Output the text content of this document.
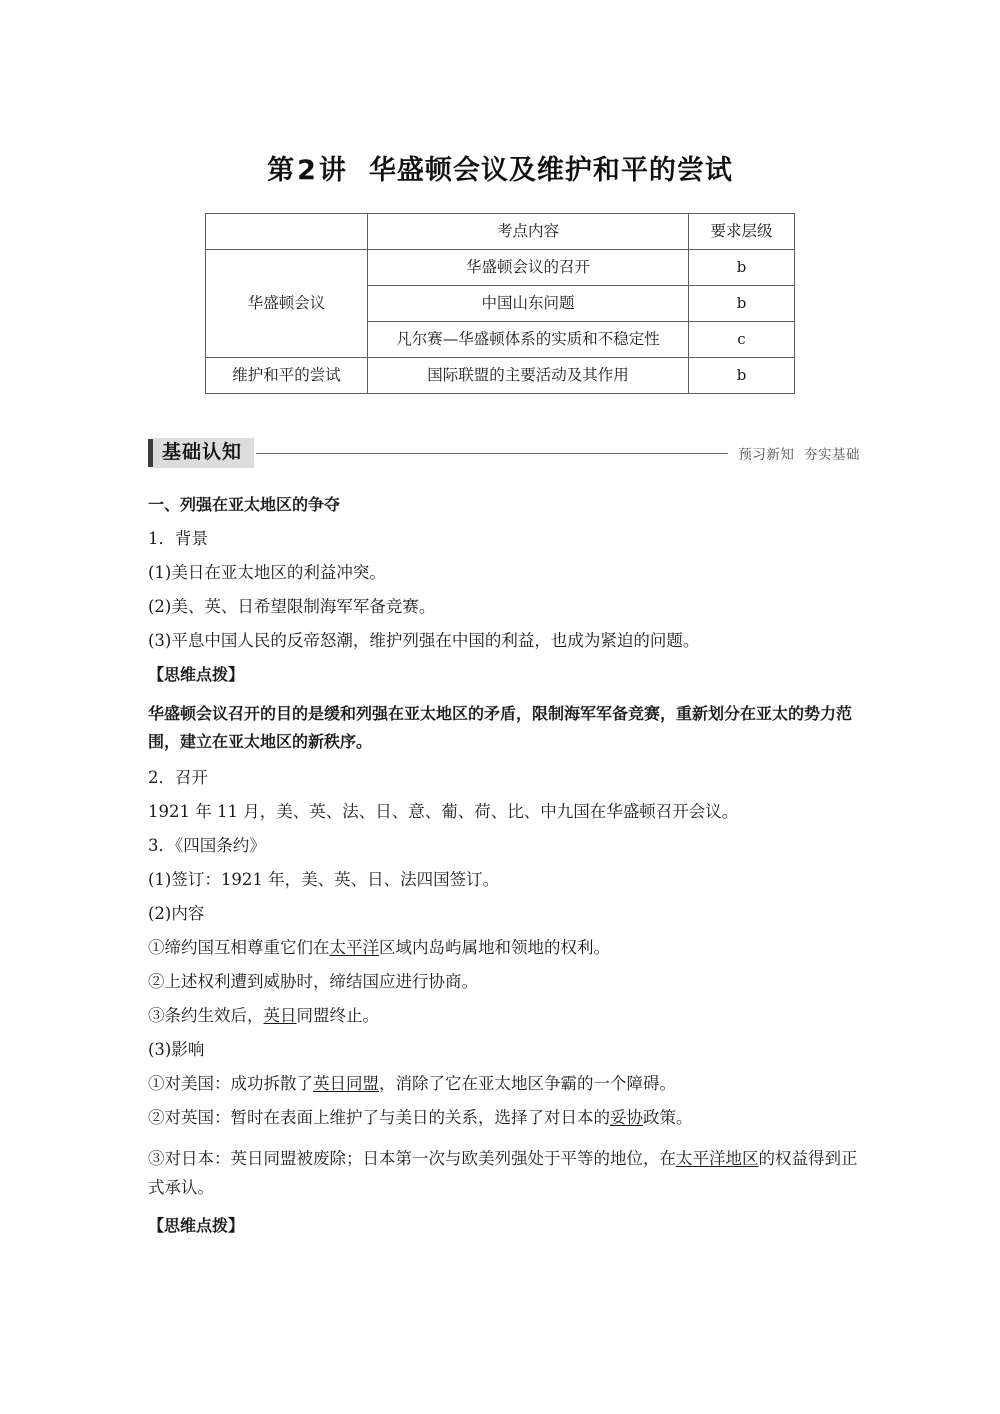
第2讲 华盛顿会议及维护和平的尝试
	考点内容	要求层级
华盛顿会议	华盛顿会议的召开	b
	中国山东问题	b
	凡尔赛—华盛顿体系的实质和不稳定性	c
维护和平的尝试	国际联盟的主要活动及其作用	b
基础认知	预习新知  夯实基础

一、列强在亚太地区的争夺

1．背景

(1)美日在亚太地区的利益冲突。

(2)美、英、日希望限制海军军备竞赛。

(3)平息中国人民的反帝怒潮，维护列强在中国的利益，也成为紧迫的问题。

【思维点拨】

华盛顿会议召开的目的是缓和列强在亚太地区的矛盾，限制海军军备竞赛，重新划分在亚太的势力范围，建立在亚太地区的新秩序。

2．召开

1921 年 11 月，美、英、法、日、意、葡、荷、比、中九国在华盛顿召开会议。

3．《四国条约》

(1)签订：1921 年，美、英、日、法四国签订。

(2)内容

①缔约国互相尊重它们在太平洋区域内岛屿属地和领地的权利。

②上述权利遭到威胁时，缔结国应进行协商。

③条约生效后，英日同盟终止。

(3)影响

①对美国：成功拆散了英日同盟，消除了它在亚太地区争霸的一个障碍。

②对英国：暂时在表面上维护了与美日的关系，选择了对日本的妥协政策。

③对日本：英日同盟被废除；日本第一次与欧美列强处于平等的地位，在太平洋地区的权益得到正式承认。

【思维点拨】
